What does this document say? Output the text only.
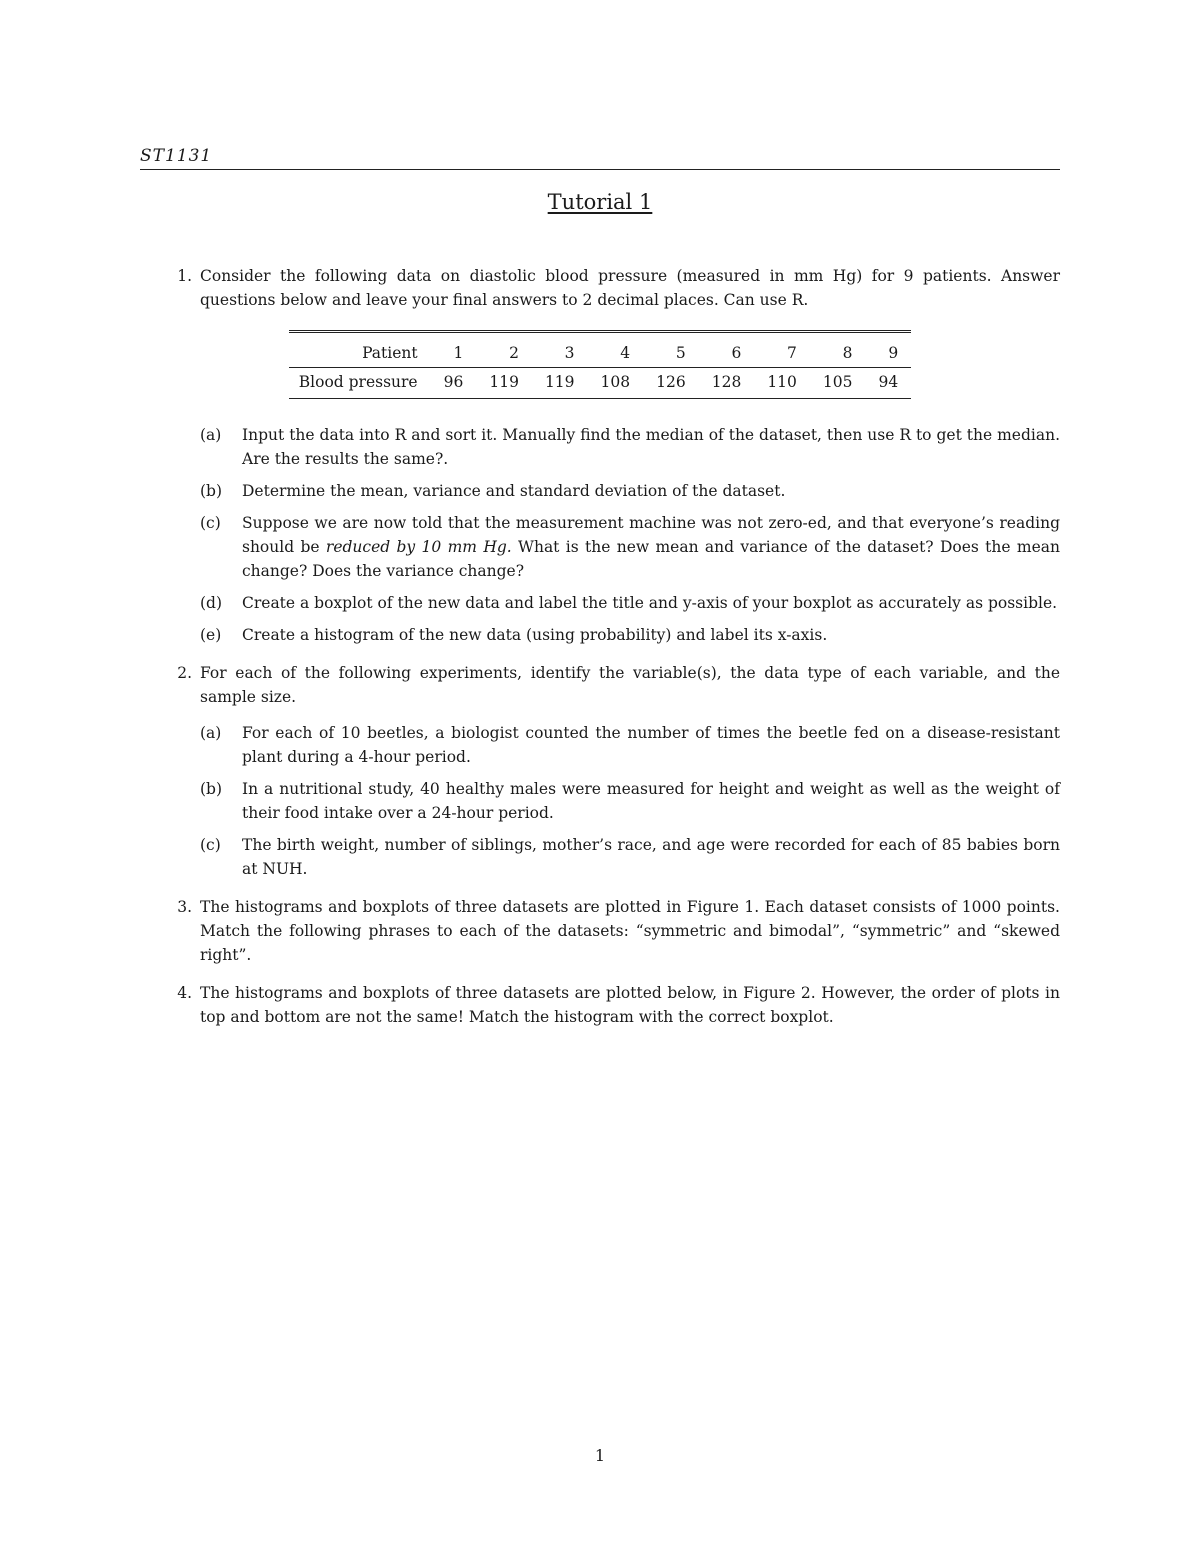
ST1131
Tutorial 1
1. Consider the following data on diastolic blood pressure (measured in mm Hg) for 9 patients. Answer questions below and leave your final answers to 2 decimal places. Can use R.
Patient	1	2	3	4	5	6	7	8	9
Blood pressure	96	119	119	108	126	128	110	105	94
(a)	Input the data into R and sort it. Manually find the median of the dataset, then use R to get the median. Are the results the same?.
(b)	Determine the mean, variance and standard deviation of the dataset.
(c)	Suppose we are now told that the measurement machine was not zero-ed, and that everyone’s reading should be reduced by 10 mm Hg. What is the new mean and variance of the dataset? Does the mean change? Does the variance change?
(d)	Create a boxplot of the new data and label the title and y-axis of your boxplot as accurately as possible.
(e)	Create a histogram of the new data (using probability) and label its x-axis.
2. For each of the following experiments, identify the variable(s), the data type of each variable, and the sample size.
(a)	For each of 10 beetles, a biologist counted the number of times the beetle fed on a disease-resistant plant during a 4-hour period.
(b)	In a nutritional study, 40 healthy males were measured for height and weight as well as the weight of their food intake over a 24-hour period.
(c)	The birth weight, number of siblings, mother’s race, and age were recorded for each of 85 babies born at NUH.
3. The histograms and boxplots of three datasets are plotted in Figure 1. Each dataset consists of 1000 points. Match the following phrases to each of the datasets: “symmetric and bimodal”, “symmetric” and “skewed right”.
4. The histograms and boxplots of three datasets are plotted below, in Figure 2. However, the order of plots in top and bottom are not the same! Match the histogram with the correct boxplot.
1
